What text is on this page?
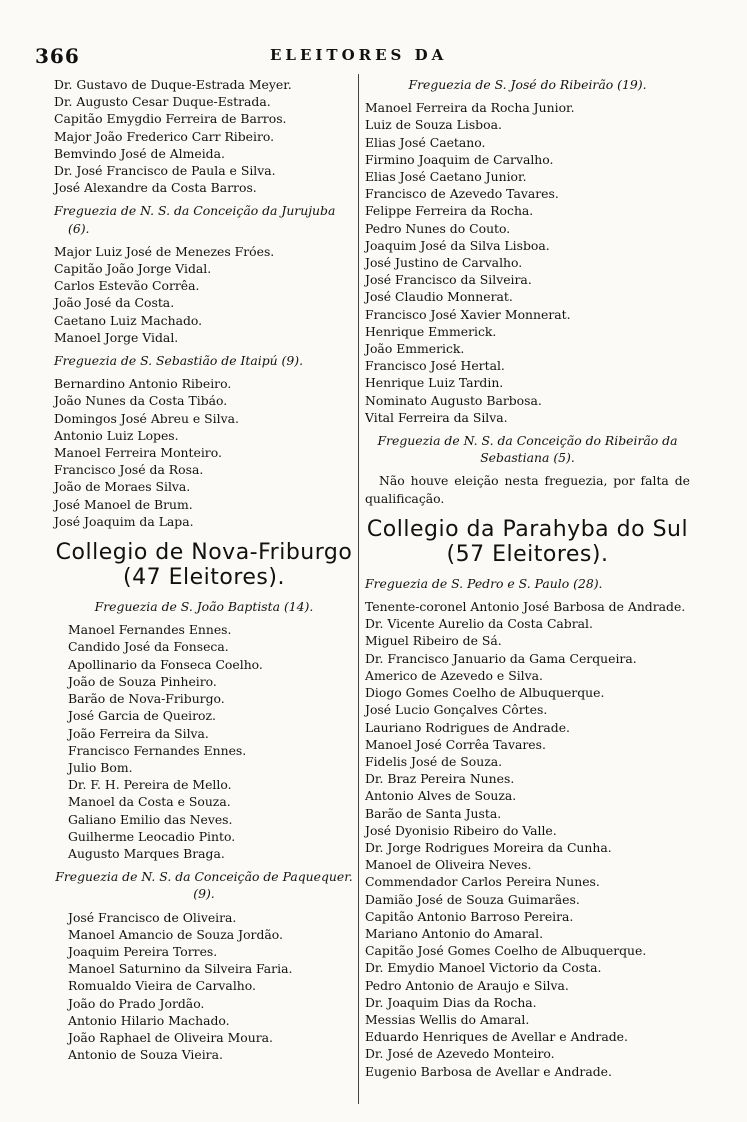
366	ELEITORES DA
Dr. Gustavo de Duque-Estrada Meyer.
Dr. Augusto Cesar Duque-Estrada.
Capitão Emygdio Ferreira de Barros.
Major João Frederico Carr Ribeiro.
Bemvindo José de Almeida.
Dr. José Francisco de Paula e Silva.
José Alexandre da Costa Barros.
Freguezia de N. S. da Conceição da Jurujuba (6).
Major Luiz José de Menezes Fróes.
Capitão João Jorge Vidal.
Carlos Estevão Corrêa.
João José da Costa.
Caetano Luiz Machado.
Manoel Jorge Vidal.
Freguezia de S. Sebastião de Itaipú (9).
Bernardino Antonio Ribeiro.
João Nunes da Costa Tibáo.
Domingos José Abreu e Silva.
Antonio Luiz Lopes.
Manoel Ferreira Monteiro.
Francisco José da Rosa.
João de Moraes Silva.
José Manoel de Brum.
José Joaquim da Lapa.
Collegio de Nova-Friburgo
(47 Eleitores).
Freguezia de S. João Baptista (14).
Manoel Fernandes Ennes.
Candido José da Fonseca.
Apollinario da Fonseca Coelho.
João de Souza Pinheiro.
Barão de Nova-Friburgo.
José Garcia de Queiroz.
João Ferreira da Silva.
Francisco Fernandes Ennes.
Julio Bom.
Dr. F. H. Pereira de Mello.
Manoel da Costa e Souza.
Galiano Emilio das Neves.
Guilherme Leocadio Pinto.
Augusto Marques Braga.
Freguezia de N. S. da Conceição de Paquequer. (9).
José Francisco de Oliveira.
Manoel Amancio de Souza Jordão.
Joaquim Pereira Torres.
Manoel Saturnino da Silveira Faria.
Romualdo Vieira de Carvalho.
João do Prado Jordão.
Antonio Hilario Machado.
João Raphael de Oliveira Moura.
Antonio de Souza Vieira.
Freguezia de S. José do Ribeirão (19).
Manoel Ferreira da Rocha Junior.
Luiz de Souza Lisboa.
Elias José Caetano.
Firmino Joaquim de Carvalho.
Elias José Caetano Junior.
Francisco de Azevedo Tavares.
Felippe Ferreira da Rocha.
Pedro Nunes do Couto.
Joaquim José da Silva Lisboa.
José Justino de Carvalho.
José Francisco da Silveira.
José Claudio Monnerat.
Francisco José Xavier Monnerat.
Henrique Emmerick.
João Emmerick.
Francisco José Hertal.
Henrique Luiz Tardin.
Nominato Augusto Barbosa.
Vital Ferreira da Silva.
Freguezia de N. S. da Conceição do Ribeirão da Sebastiana (5).
Não houve eleição nesta freguezia, por falta de qualificação.
Collegio da Parahyba do Sul
(57 Eleitores).
Freguezia de S. Pedro e S. Paulo (28).
Tenente-coronel Antonio José Barbosa de Andrade.
Dr. Vicente Aurelio da Costa Cabral.
Miguel Ribeiro de Sá.
Dr. Francisco Januario da Gama Cerqueira.
Americo de Azevedo e Silva.
Diogo Gomes Coelho de Albuquerque.
José Lucio Gonçalves Côrtes.
Lauriano Rodrigues de Andrade.
Manoel José Corrêa Tavares.
Fidelis José de Souza.
Dr. Braz Pereira Nunes.
Antonio Alves de Souza.
Barão de Santa Justa.
José Dyonisio Ribeiro do Valle.
Dr. Jorge Rodrigues Moreira da Cunha.
Manoel de Oliveira Neves.
Commendador Carlos Pereira Nunes.
Damião José de Souza Guimarães.
Capitão Antonio Barroso Pereira.
Mariano Antonio do Amaral.
Capitão José Gomes Coelho de Albuquerque.
Dr. Emydio Manoel Victorio da Costa.
Pedro Antonio de Araujo e Silva.
Dr. Joaquim Dias da Rocha.
Messias Wellis do Amaral.
Eduardo Henriques de Avellar e Andrade.
Dr. José de Azevedo Monteiro.
Eugenio Barbosa de Avellar e Andrade.
